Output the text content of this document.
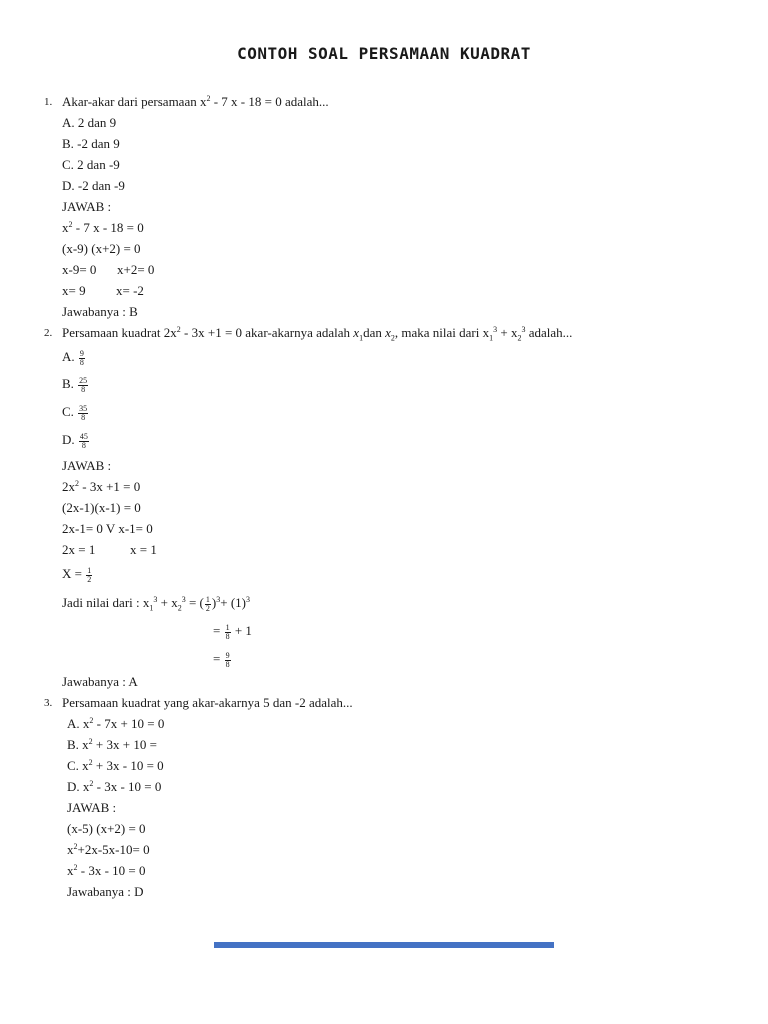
CONTOH SOAL PERSAMAAN KUADRAT
1. Akar-akar dari persamaan $x^2 - 7$ x - 18 = 0 adalah...
A. 2 dan 9
B. -2 dan 9
C. 2 dan -9
D. -2 dan -9
JAWAB :
$x^2 - 7$ x - 18 = 0
(x-9) (x+2) = 0
x-9= 0 x+2= 0
x= 9 x= -2
Jawabanya : B
2. Persamaan kuadrat $2x^2 - 3x +1 = 0$ akar-akarnya adalah $x_1dan$ $x_2$, maka nilai dari $x_1^3 + x_2^3$ adalah...
A. $\frac{9}{8}$
B. $\frac{25}{8}$
C. $\frac{35}{8}$
D. $\frac{45}{8}$
JAWAB :
$2x^2 - 3x +1 = 0$
(2x-1)(x-1) = 0
2x-1= 0 V x-1= 0
2x = 1	x = 1
$X = \frac{1}{2}$
Jadi nilai dari : $x_1^3 + x_2^3$ = ( $\frac{1}{2} )^3+ (1)^3$
= $\frac{1}{8} + 1$
= $\frac{9}{8}$
Jawabanya : A
3. Persamaan kuadrat yang akar-akarnya 5 dan -2 adalah...
A. $x^2 - 7x + 10 = 0$
B. $x^2 + 3x + 10$ =
C. $x^2 + 3x - 10 = 0$
D. $x^2 - 3x - 10 = 0$
JAWAB :
(x-5) (x+2) = 0
$x^2+2x-5x-10= 0$
$x^2 - 3x - 10 = 0$
Jawabanya : D
